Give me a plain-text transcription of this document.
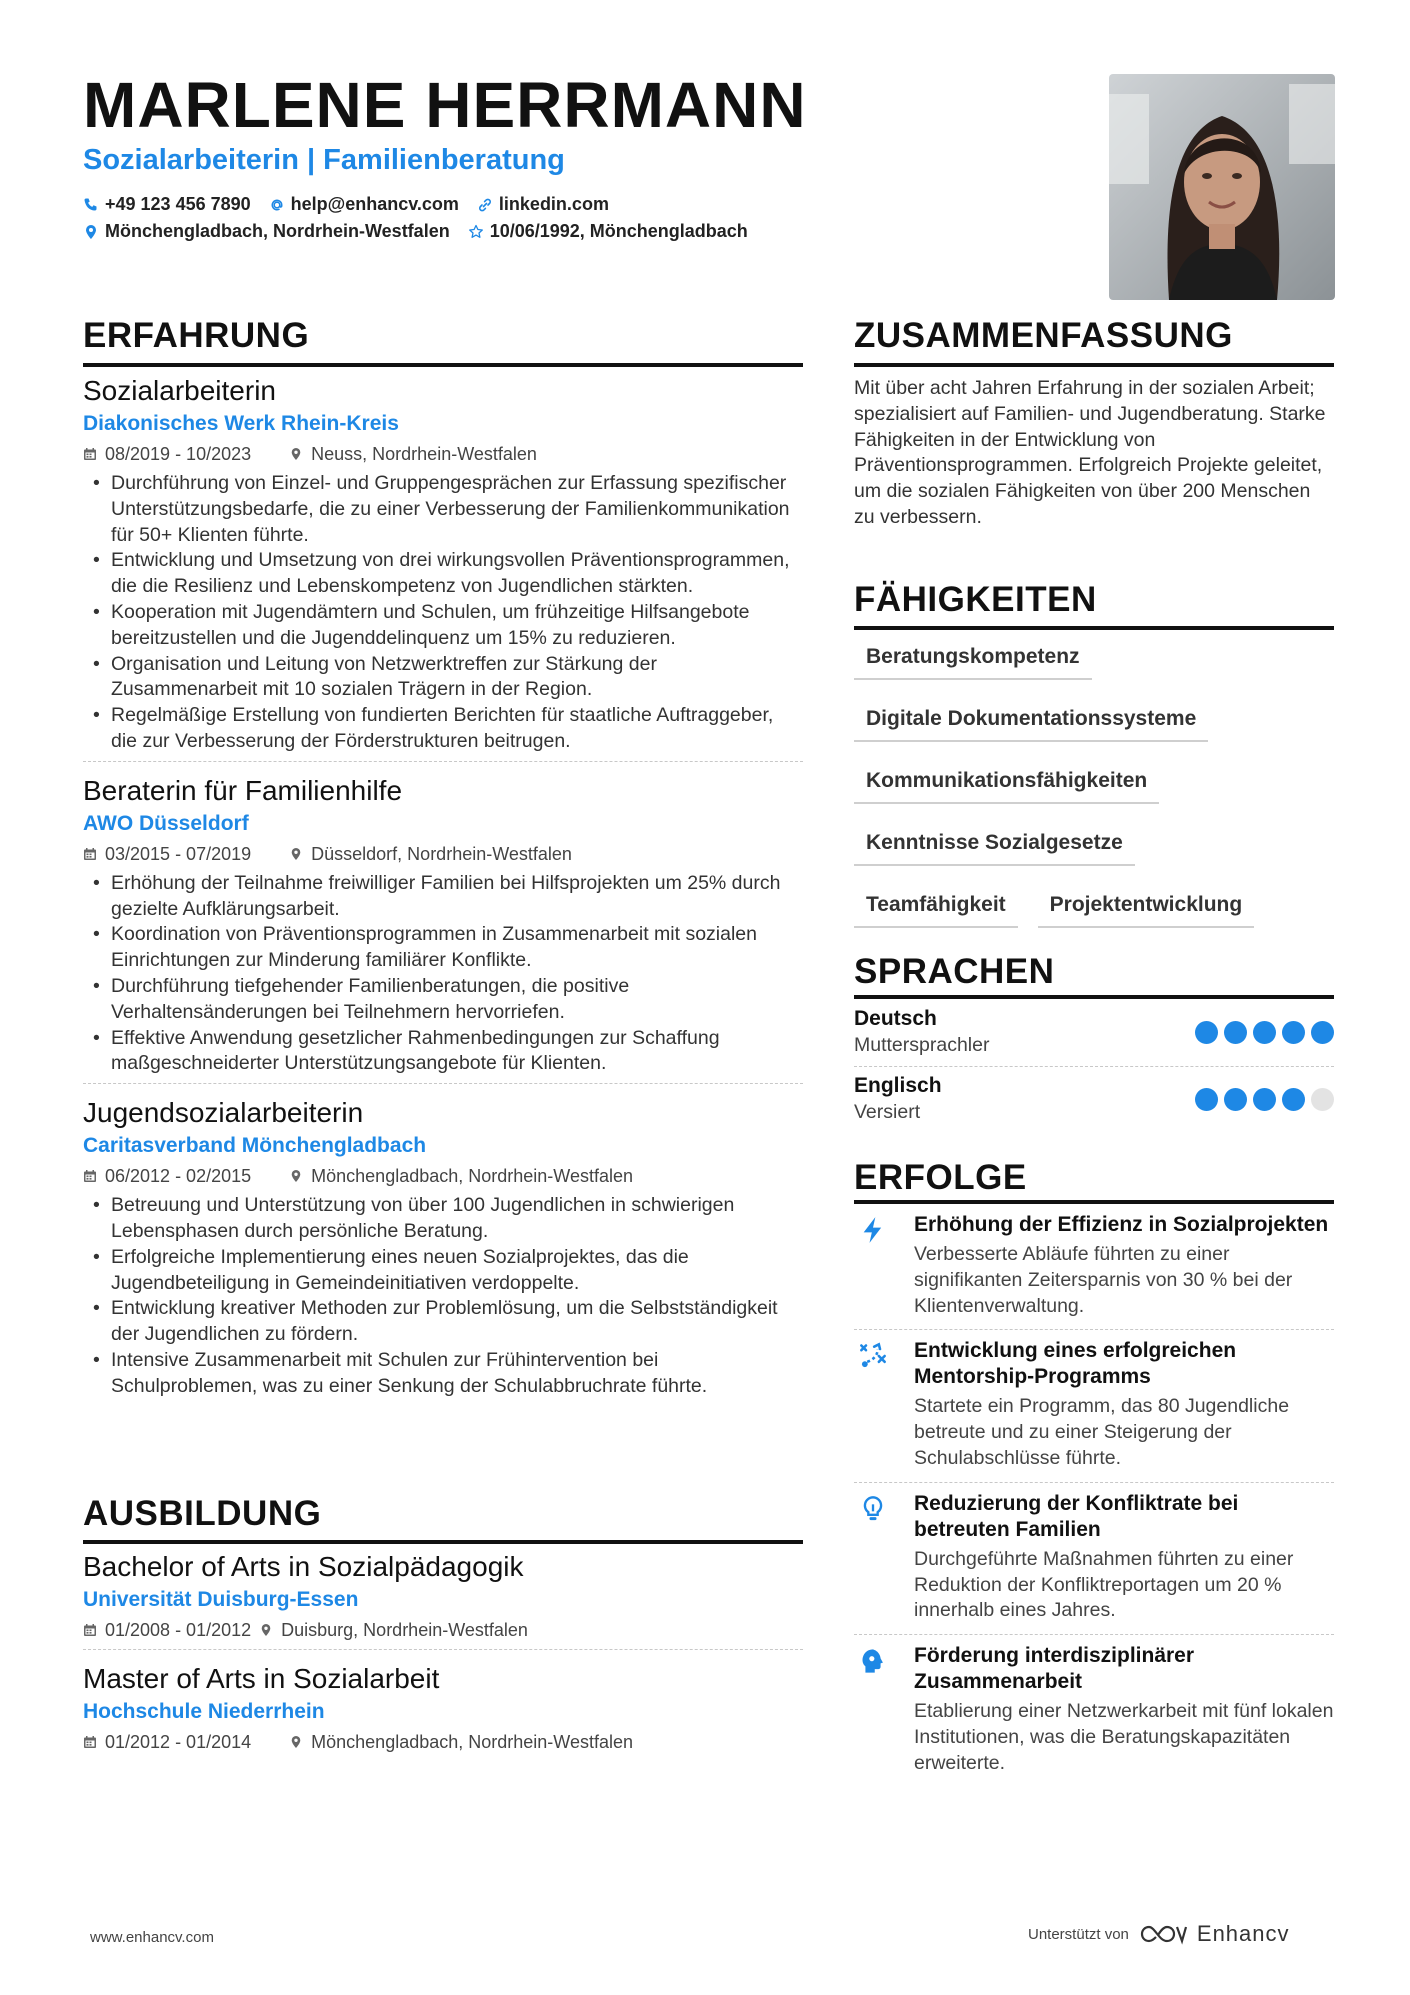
MARLENE HERRMANN
Sozialarbeiterin | Familienberatung
+49 123 456 7890 help@enhancv.com linkedin.com
Mönchengladbach, Nordrhein-Westfalen 10/06/1992, Mönchengladbach
ERFAHRUNG
Sozialarbeiterin
Diakonisches Werk Rhein-Kreis
08/2019 - 10/2023	Neuss, Nordrhein-Westfalen
• Durchführung von Einzel- und Gruppengesprächen zur Erfassung spezifischer Unterstützungsbedarfe, die zu einer Verbesserung der Familienkommunikation für 50+ Klienten führte.
• Entwicklung und Umsetzung von drei wirkungsvollen Präventionsprogrammen, die die Resilienz und Lebenskompetenz von Jugendlichen stärkten.
• Kooperation mit Jugendämtern und Schulen, um frühzeitige Hilfsangebote bereitzustellen und die Jugenddelinquenz um 15% zu reduzieren.
• Organisation und Leitung von Netzwerktreffen zur Stärkung der Zusammenarbeit mit 10 sozialen Trägern in der Region.
• Regelmäßige Erstellung von fundierten Berichten für staatliche Auftraggeber, die zur Verbesserung der Förderstrukturen beitrugen.
Beraterin für Familienhilfe
AWO Düsseldorf
03/2015 - 07/2019	Düsseldorf, Nordrhein-Westfalen
• Erhöhung der Teilnahme freiwilliger Familien bei Hilfsprojekten um 25% durch gezielte Aufklärungsarbeit.
• Koordination von Präventionsprogrammen in Zusammenarbeit mit sozialen Einrichtungen zur Minderung familiärer Konflikte.
• Durchführung tiefgehender Familienberatungen, die positive Verhaltensänderungen bei Teilnehmern hervorriefen.
• Effektive Anwendung gesetzlicher Rahmenbedingungen zur Schaffung maßgeschneiderter Unterstützungsangebote für Klienten.
Jugendsozialarbeiterin
Caritasverband Mönchengladbach
06/2012 - 02/2015	Mönchengladbach, Nordrhein-Westfalen
• Betreuung und Unterstützung von über 100 Jugendlichen in schwierigen Lebensphasen durch persönliche Beratung.
• Erfolgreiche Implementierung eines neuen Sozialprojektes, das die Jugendbeteiligung in Gemeindeinitiativen verdoppelte.
• Entwicklung kreativer Methoden zur Problemlösung, um die Selbstständigkeit der Jugendlichen zu fördern.
• Intensive Zusammenarbeit mit Schulen zur Frühintervention bei Schulproblemen, was zu einer Senkung der Schulabbruchrate führte.
AUSBILDUNG
Bachelor of Arts in Sozialpädagogik
Universität Duisburg-Essen
01/2008 - 01/2012 Duisburg, Nordrhein-Westfalen
Master of Arts in Sozialarbeit
Hochschule Niederrhein
01/2012 - 01/2014	Mönchengladbach, Nordrhein-Westfalen
ZUSAMMENFASSUNG
Mit über acht Jahren Erfahrung in der sozialen Arbeit; spezialisiert auf Familien- und Jugendberatung. Starke Fähigkeiten in der Entwicklung von Präventionsprogrammen. Erfolgreich Projekte geleitet, um die sozialen Fähigkeiten von über 200 Menschen zu verbessern.
FÄHIGKEITEN
Beratungskompetenz
Digitale Dokumentationssysteme
Kommunikationsfähigkeiten
Kenntnisse Sozialgesetze
Teamfähigkeit	Projektentwicklung
SPRACHEN
Deutsch
Muttersprachler
Englisch
Versiert
ERFOLGE
Erhöhung der Effizienz in Sozialprojekten
Verbesserte Abläufe führten zu einer signifikanten Zeitersparnis von 30 % bei der Klientenverwaltung.
Entwicklung eines erfolgreichen Mentorship-Programms
Startete ein Programm, das 80 Jugendliche betreute und zu einer Steigerung der Schulabschlüsse führte.
Reduzierung der Konfliktrate bei betreuten Familien
Durchgeführte Maßnahmen führten zu einer Reduktion der Konfliktreportagen um 20 % innerhalb eines Jahres.
Förderung interdisziplinärer Zusammenarbeit
Etablierung einer Netzwerkarbeit mit fünf lokalen Institutionen, was die Beratungskapazitäten erweiterte.
www.enhancv.com	Unterstützt von	Enhancv
